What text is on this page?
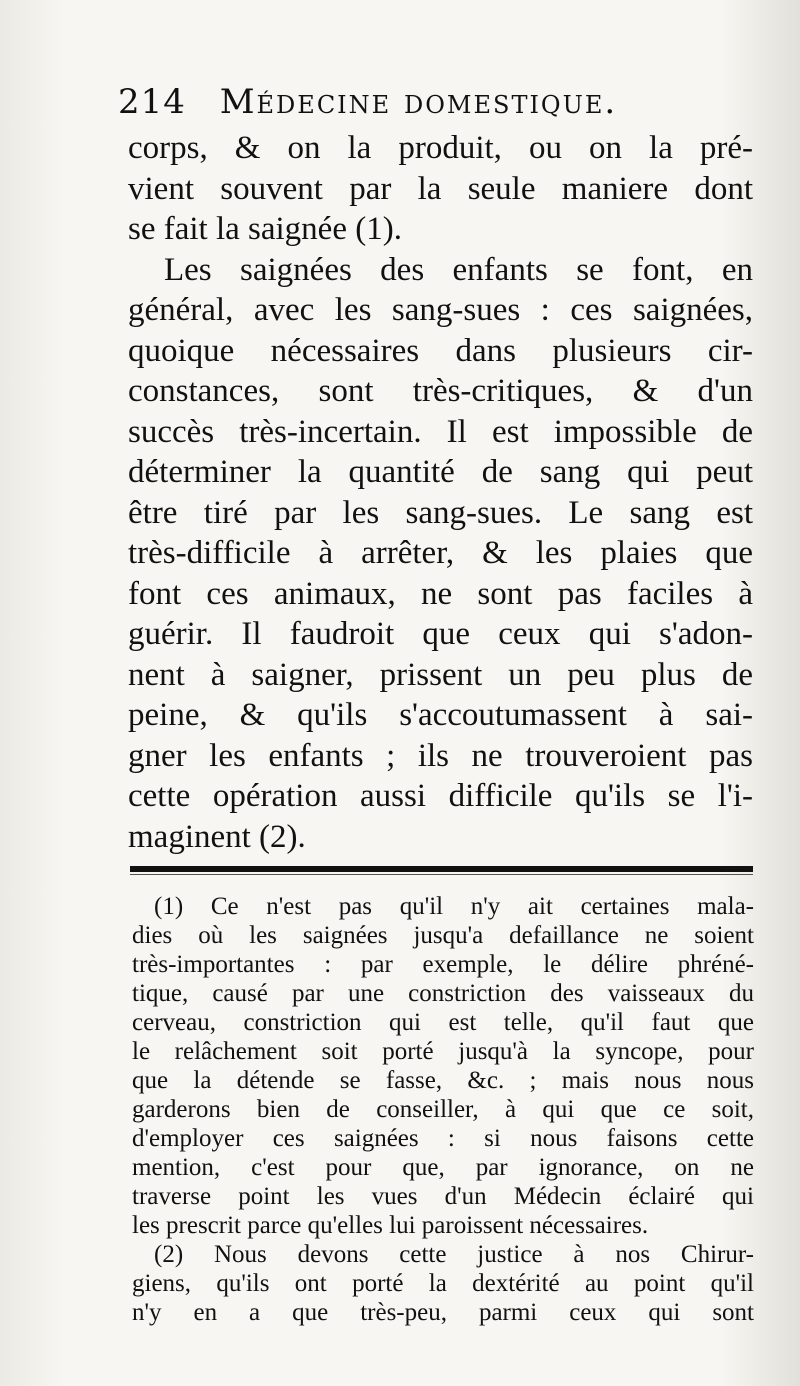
214 Médecine domestique.
corps, & on la produit, ou on la pré-
vient souvent par la seule maniere dont
se fait la saignée (1).
Les saignées des enfants se font, en
général, avec les sang-sues : ces saignées,
quoique nécessaires dans plusieurs cir-
constances, sont très-critiques, & d'un
succès très-incertain. Il est impossible de
déterminer la quantité de sang qui peut
être tiré par les sang-sues. Le sang est
très-difficile à arrêter, & les plaies que
font ces animaux, ne sont pas faciles à
guérir. Il faudroit que ceux qui s'adon-
nent à saigner, prissent un peu plus de
peine, & qu'ils s'accoutumassent à sai-
gner les enfants ; ils ne trouveroient pas
cette opération aussi difficile qu'ils se l'i-
maginent (2).
(1) Ce n'est pas qu'il n'y ait certaines mala-
dies où les saignées jusqu'a defaillance ne soient
très-importantes : par exemple, le délire phréné-
tique, causé par une constriction des vaisseaux du
cerveau, constriction qui est telle, qu'il faut que
le relâchement soit porté jusqu'à la syncope, pour
que la détende se fasse, &c. ; mais nous nous
garderons bien de conseiller, à qui que ce soit,
d'employer ces saignées : si nous faisons cette
mention, c'est pour que, par ignorance, on ne
traverse point les vues d'un Médecin éclairé qui
les prescrit parce qu'elles lui paroissent nécessaires.
(2) Nous devons cette justice à nos Chirur-
giens, qu'ils ont porté la dextérité au point qu'il
n'y en a que très-peu, parmi ceux qui sont
